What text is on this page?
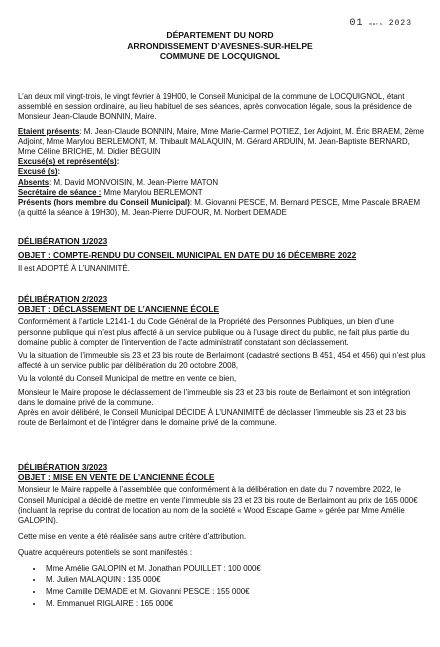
01 mars 2023
DÉPARTEMENT DU NORD
ARRONDISSEMENT D’AVESNES-SUR-HELPE
COMMUNE DE LOCQUIGNOL

L’an deux mil vingt-trois, le vingt février à 19H00, le Conseil Municipal de la commune de LOCQUIGNOL, étant assemblé en session ordinaire, au lieu habituel de ses séances, après convocation légale, sous la présidence de Monsieur Jean-Claude BONNIN, Maire.

Etaient présents: M. Jean-Claude BONNIN, Maire, Mme Marie-Carmel POTIEZ, 1er Adjoint, M. Éric BRAEM, 2ème Adjoint, Mme Marylou BERLEMONT, M. Thibault MALAQUIN, M. Gérard ARDUIN, M. Jean-Baptiste BERNARD, Mme Céline BRICHE, M. Didier BÉGUIN

Excusé(s) et représenté(s):

Excusé (s):

Absents: M. David MONVOISIN, M. Jean-Pierre MATON

Secrétaire de séance : Mme Marylou BERLEMONT

Présents (hors membre du Conseil Municipal): M. Giovanni PESCE, M. Bernard PESCE, Mme Pascale BRAEM (a quitté la séance à 19H30), M. Jean-Pierre DUFOUR, M. Norbert DEMADE

DÉLIBÉRATION 1/2023
OBJET : COMPTE-RENDU DU CONSEIL MUNICIPAL EN DATE DU 16 DÉCEMBRE 2022

Il est ADOPTÉ À L’UNANIMITÉ.

DÉLIBÉRATION 2/2023
OBJET : DÉCLASSEMENT DE L’ANCIENNE ÉCOLE

Conformément à l’article L2141-1 du Code Général de la Propriété des Personnes Publiques, un bien d’une personne publique qui n’est plus affecté à un service publique ou à l’usage direct du public, ne fait plus partie du domaine public à compter de l’intervention de l’acte administratif constatant son déclassement.

Vu la situation de l’immeuble sis 23 et 23 bis route de Berlaimont (cadastré sections B 451, 454 et 456) qui n’est plus affecté à un service public par délibération du 20 octobre 2008,

Vu la volonté du Conseil Municipal de mettre en vente ce bien,

Monsieur le Maire propose le déclassement de l’immeuble sis 23 et 23 bis route de Berlaimont et son intégration dans le domaine privé de la commune.

Après en avoir délibéré, le Conseil Municipal DÉCIDE À L’UNANIMITÉ de déclasser l’immeuble sis 23 et 23 bis route de Berlaimont et de l’intégrer dans le domaine privé de la commune.

DÉLIBÉRATION 3/2023
OBJET : MISE EN VENTE DE L’ANCIENNE ÉCOLE

Monsieur le Maire rappelle à l’assemblée que conformément à la délibération en date du 7 novembre 2022, le Conseil Municipal a décidé de mettre en vente l’immeuble sis 23 et 23 bis route de Berlaimont au prix de 165 000€ (incluant la reprise du contrat de location au nom de la société « Wood Escape Game » gérée par Mme Amélie GALOPIN).

Cette mise en vente a été réalisée sans autre critère d’attribution.

Quatre acquéreurs potentiels se sont manifestés :

• Mme Amélie GALOPIN et M. Jonathan POUILLET : 100 000€
• M. Julien MALAQUIN : 135 000€
• Mme Camille DEMADE et M. Giovanni PESCE : 155 000€
• M. Emmanuel RIGLAIRE : 165 000€
